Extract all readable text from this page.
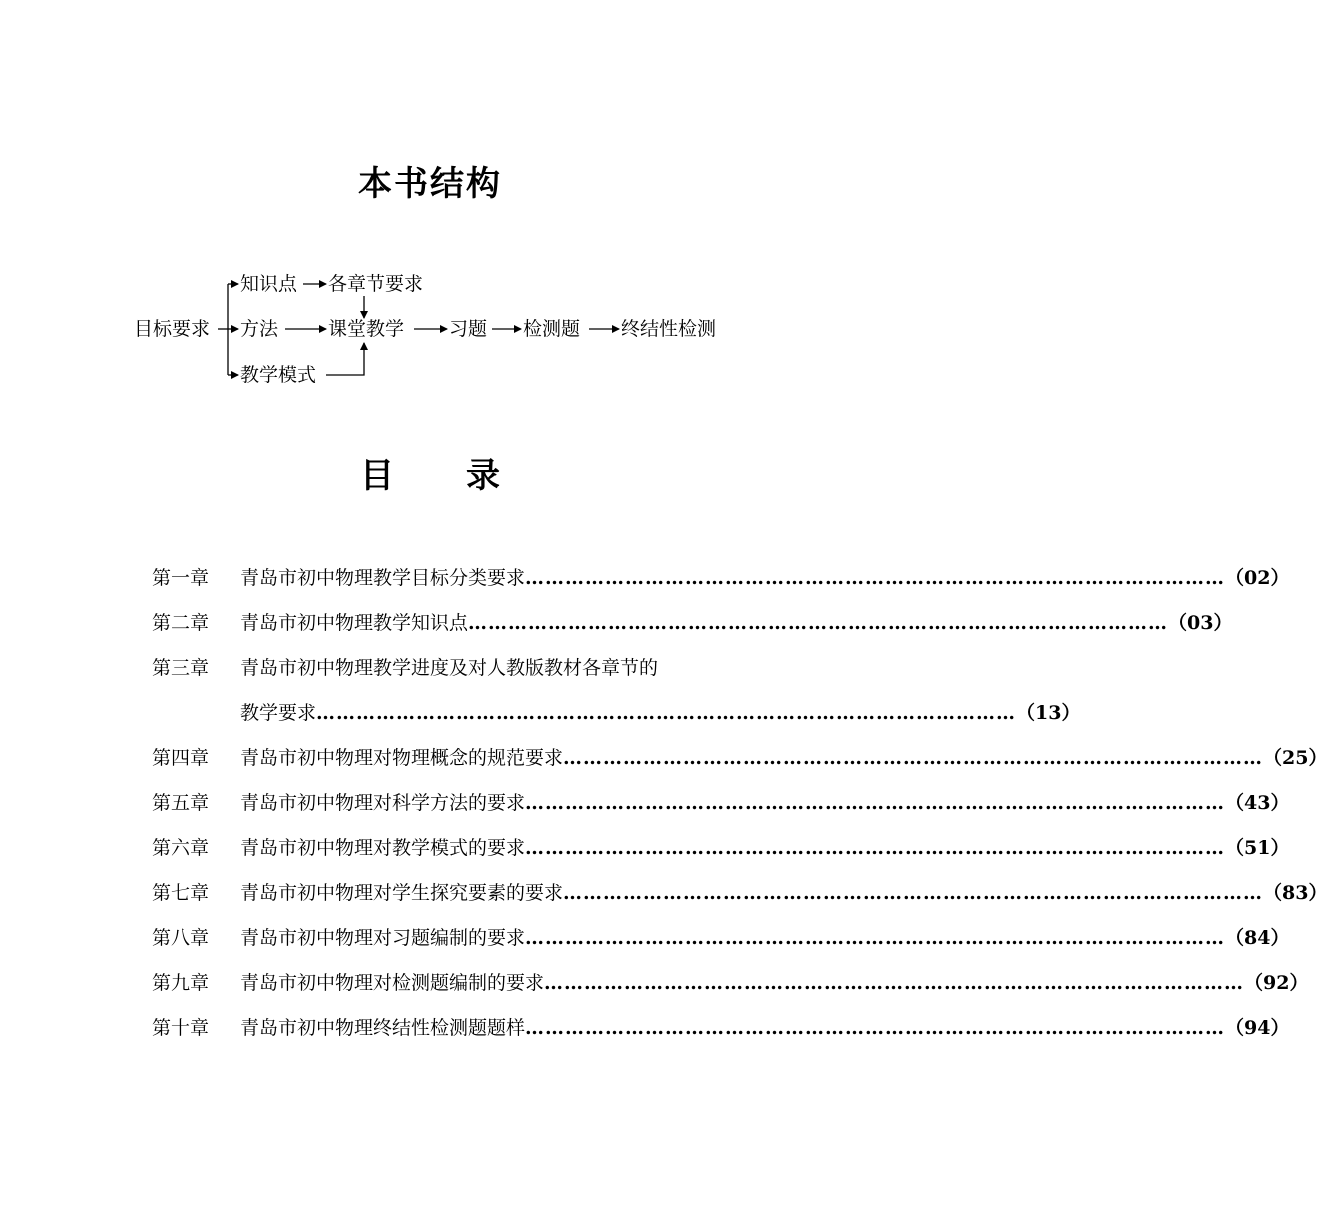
本书结构
目标要求
知识点 各章节要求
方法	课堂教学 习题 检测题 终结性检测
教学模式
目 录
第一章 青岛市初中物理教学目标分类要求 …………………………………………………………………………………………… （02）
第二章 青岛市初中物理教学知识点 …………………………………………………………………………………………… （03）
第三章 青岛市初中物理教学进度及对人教版教材各章节的
教学要求 …………………………………………………………………………………………… （13）
第四章 青岛市初中物理对物理概念的规范要求 …………………………………………………………………………………………… （25）
第五章 青岛市初中物理对科学方法的要求 …………………………………………………………………………………………… （43）
第六章 青岛市初中物理对教学模式的要求 …………………………………………………………………………………………… （51）
第七章 青岛市初中物理对学生探究要素的要求 …………………………………………………………………………………………… （83）
第八章 青岛市初中物理对习题编制的要求 …………………………………………………………………………………………… （84）
第九章 青岛市初中物理对检测题编制的要求 …………………………………………………………………………………………… （92）
第十章 青岛市初中物理终结性检测题题样 …………………………………………………………………………………………… （94）
